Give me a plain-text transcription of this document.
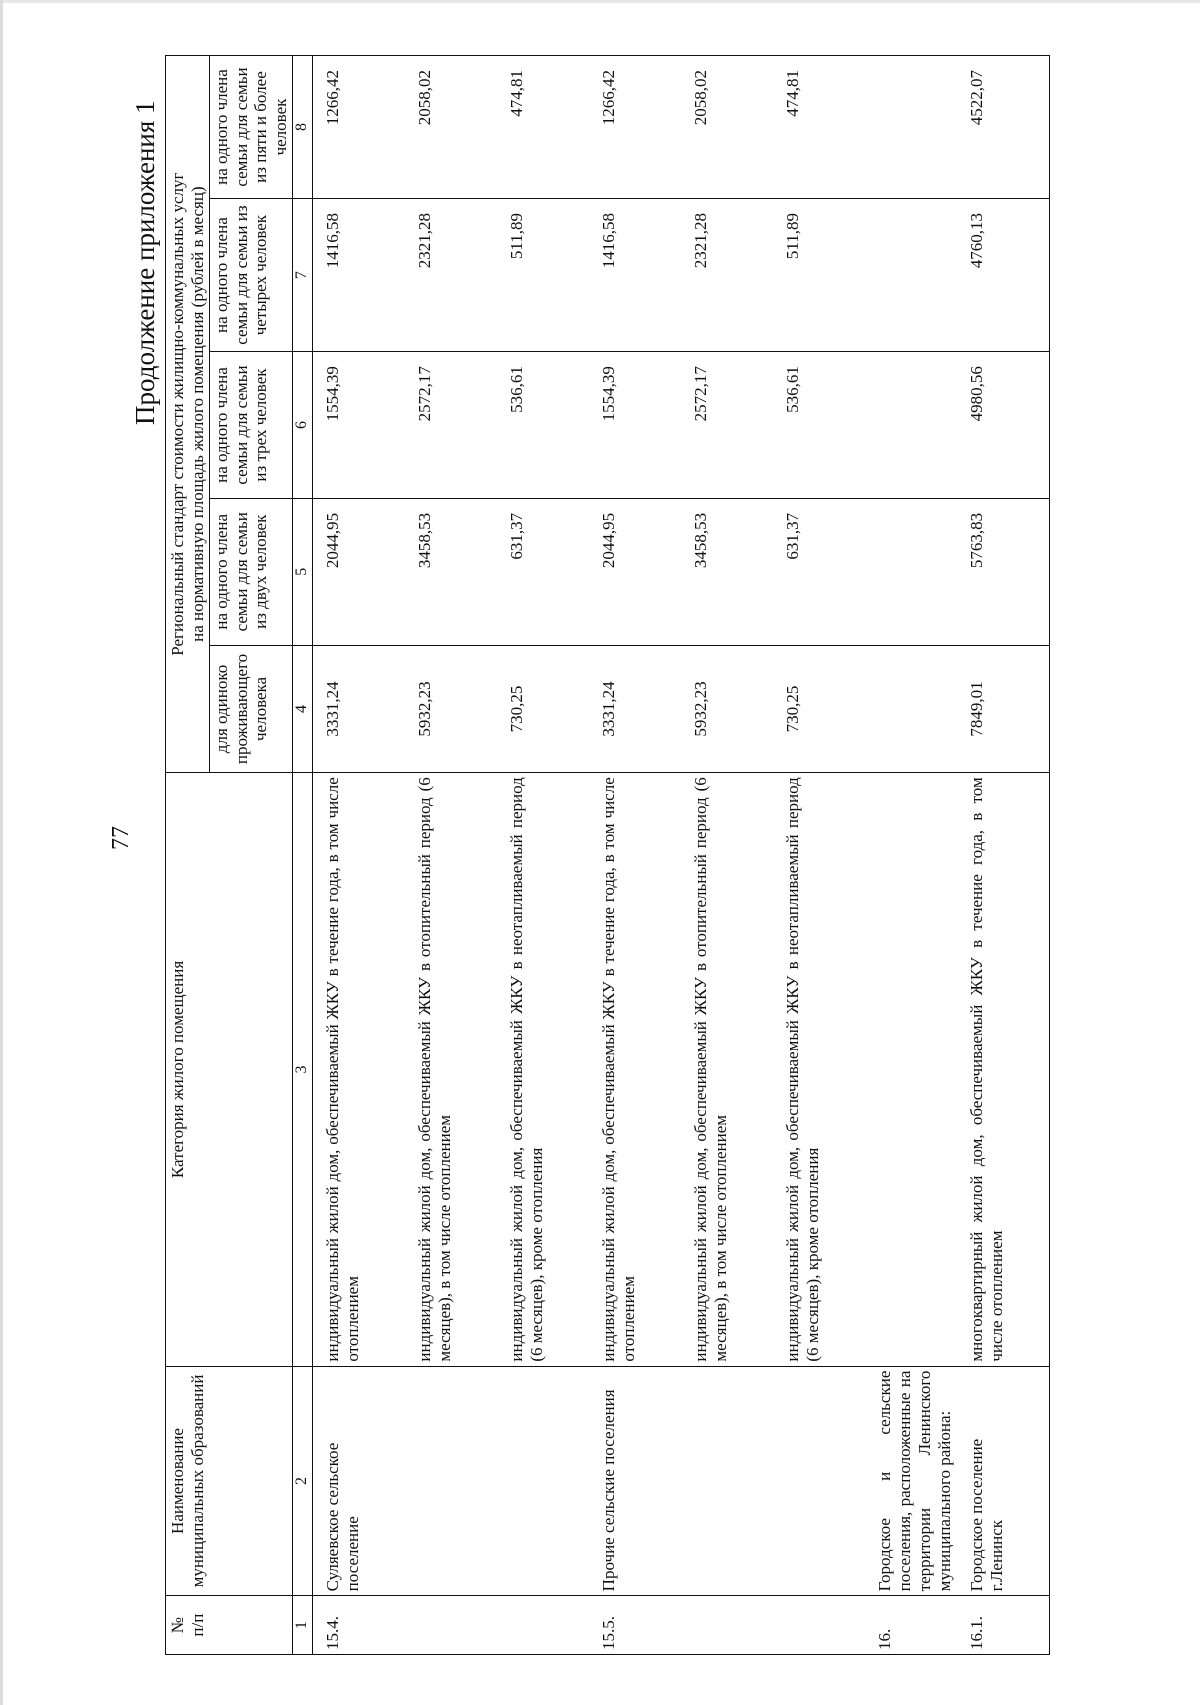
77
Продолжение приложения 1
№
п/п	Наименование
муниципальных образований	Категория жилого помещения	Региональный стандарт стоимости жилищно-коммунальных услуг
на нормативную площадь жилого помещения (рублей в месяц)				
			для одиноко проживающего человека	на одного члена семьи для семьи из двух человек	на одного члена семьи для семьи из трех человек	на одного члена семьи для семьи из четырех человек	на одного члена семьи для семьи из пяти и более человек
1	2	3	4	5	6	7	8
15.4.	Суляевское сельское поселение	индивидуальный жилой дом, обеспечиваемый ЖКУ в течение года, в том числе отоплением	3331,24	2044,95	1554,39	1416,58	1266,42
		индивидуальный жилой дом, обеспечиваемый ЖКУ в отопительный период (6 месяцев), в том числе отоплением	5932,23	3458,53	2572,17	2321,28	2058,02
		индивидуальный жилой дом, обеспечиваемый ЖКУ в неотапливаемый период (6 месяцев), кроме отопления	730,25	631,37	536,61	511,89	474,81
15.5.	Прочие сельские поселения	индивидуальный жилой дом, обеспечиваемый ЖКУ в течение года, в том числе отоплением	3331,24	2044,95	1554,39	1416,58	1266,42
		индивидуальный жилой дом, обеспечиваемый ЖКУ в отопительный период (6 месяцев), в том числе отоплением	5932,23	3458,53	2572,17	2321,28	2058,02
		индивидуальный жилой дом, обеспечиваемый ЖКУ в неотапливаемый период (6 месяцев), кроме отопления	730,25	631,37	536,61	511,89	474,81
16.	Городское и сельские поселения, расположенные на территории Ленинского муниципального района:						
16.1.	Городское поселение г.Ленинск	многоквартирный жилой дом, обеспечиваемый ЖКУ в течение года, в том числе отоплением	7849,01	5763,83	4980,56	4760,13	4522,07
